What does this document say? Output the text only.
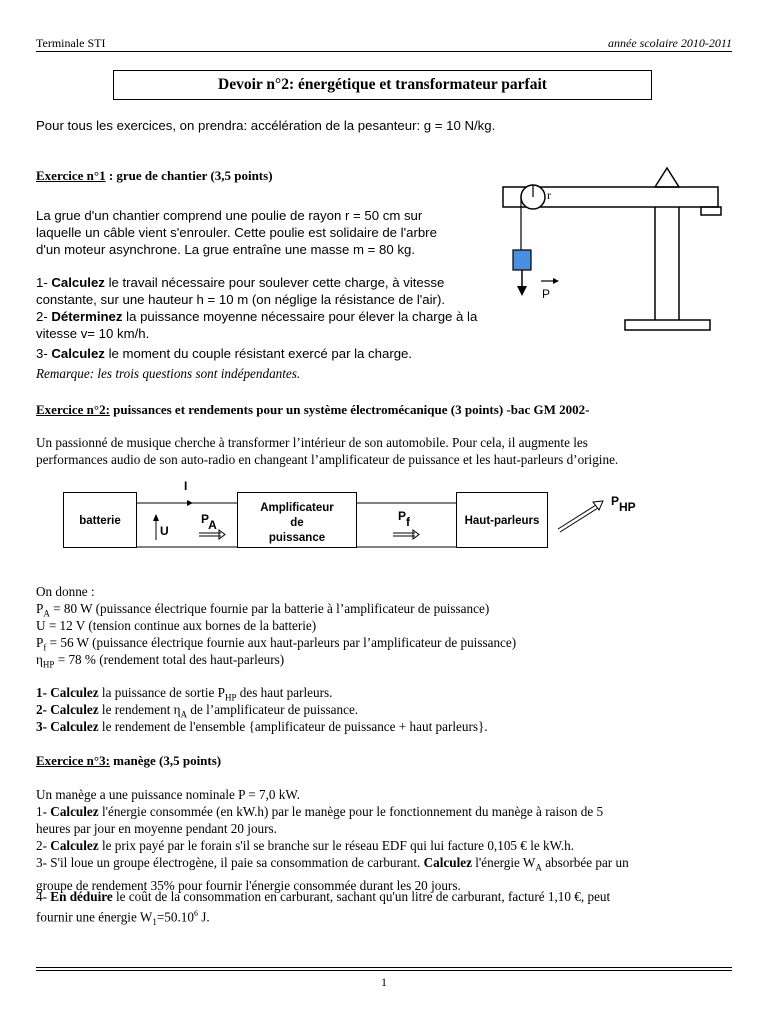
Terminale STI	année scolaire 2010-2011
Devoir n°2: énergétique et transformateur parfait
Pour tous les exercices, on prendra: accélération de la pesanteur: g = 10 N/kg.
Exercice n°1 : grue de chantier (3,5 points)
La grue d'un chantier comprend une poulie de rayon r = 50 cm sur
laquelle un câble vient s'enrouler. Cette poulie est solidaire de l'arbre
d'un moteur asynchrone. La grue entraîne une masse m = 80 kg.
1- Calculez le travail nécessaire pour soulever cette charge, à vitesse
constante, sur une hauteur h = 10 m (on néglige la résistance de l'air).
2- Déterminez la puissance moyenne nécessaire pour élever la charge à la
vitesse v= 10 km/h.
3- Calculez le moment du couple résistant exercé par la charge.
Remarque: les trois questions sont indépendantes.
r
P
Exercice n°2: puissances et rendements pour un système électromécanique (3 points) -bac GM 2002-
Un passionné de musique cherche à transformer l’intérieur de son automobile. Pour cela, il augmente les
performances audio de son auto-radio en changeant l’amplificateur de puissance et les haut-parleurs d’origine.
batterie
Amplificateur
de
puissance
Haut-parleurs
I
U
PA
Pf
PHP
On donne :
$P_A = 80$ W (puissance électrique fournie par la batterie à l’amplificateur de puissance)
U = 12 V (tension continue aux bornes de la batterie)
$P_f = 56$ W (puissance électrique fournie aux haut-parleurs par l’amplificateur de puissance)
$\eta_{HP} = 78$ % (rendement total des haut-parleurs)
1- Calculez la puissance de sortie $P_{HP}$ des haut parleurs.
2- Calculez le rendement $\eta_A$ de l’amplificateur de puissance.
3- Calculez le rendement de l'ensemble {amplificateur de puissance + haut parleurs}.
Exercice n°3: manège (3,5 points)
Un manège a une puissance nominale P = 7,0 kW.
1- Calculez l'énergie consommée (en kW.h) par le manège pour le fonctionnement du manège à raison de 5
heures par jour en moyenne pendant 20 jours.
2- Calculez le prix payé par le forain s'il se branche sur le réseau EDF qui lui facture 0,105 € le kW.h.
3- S'il loue un groupe électrogène, il paie sa consommation de carburant. Calculez l'énergie $W_A$ absorbée par un
groupe de rendement 35% pour fournir l'énergie consommée durant les 20 jours.
4- En déduire le coût de la consommation en carburant, sachant qu'un litre de carburant, facturé 1,10 €, peut
fournir une énergie $W_1=50.10^6$ J.
1
